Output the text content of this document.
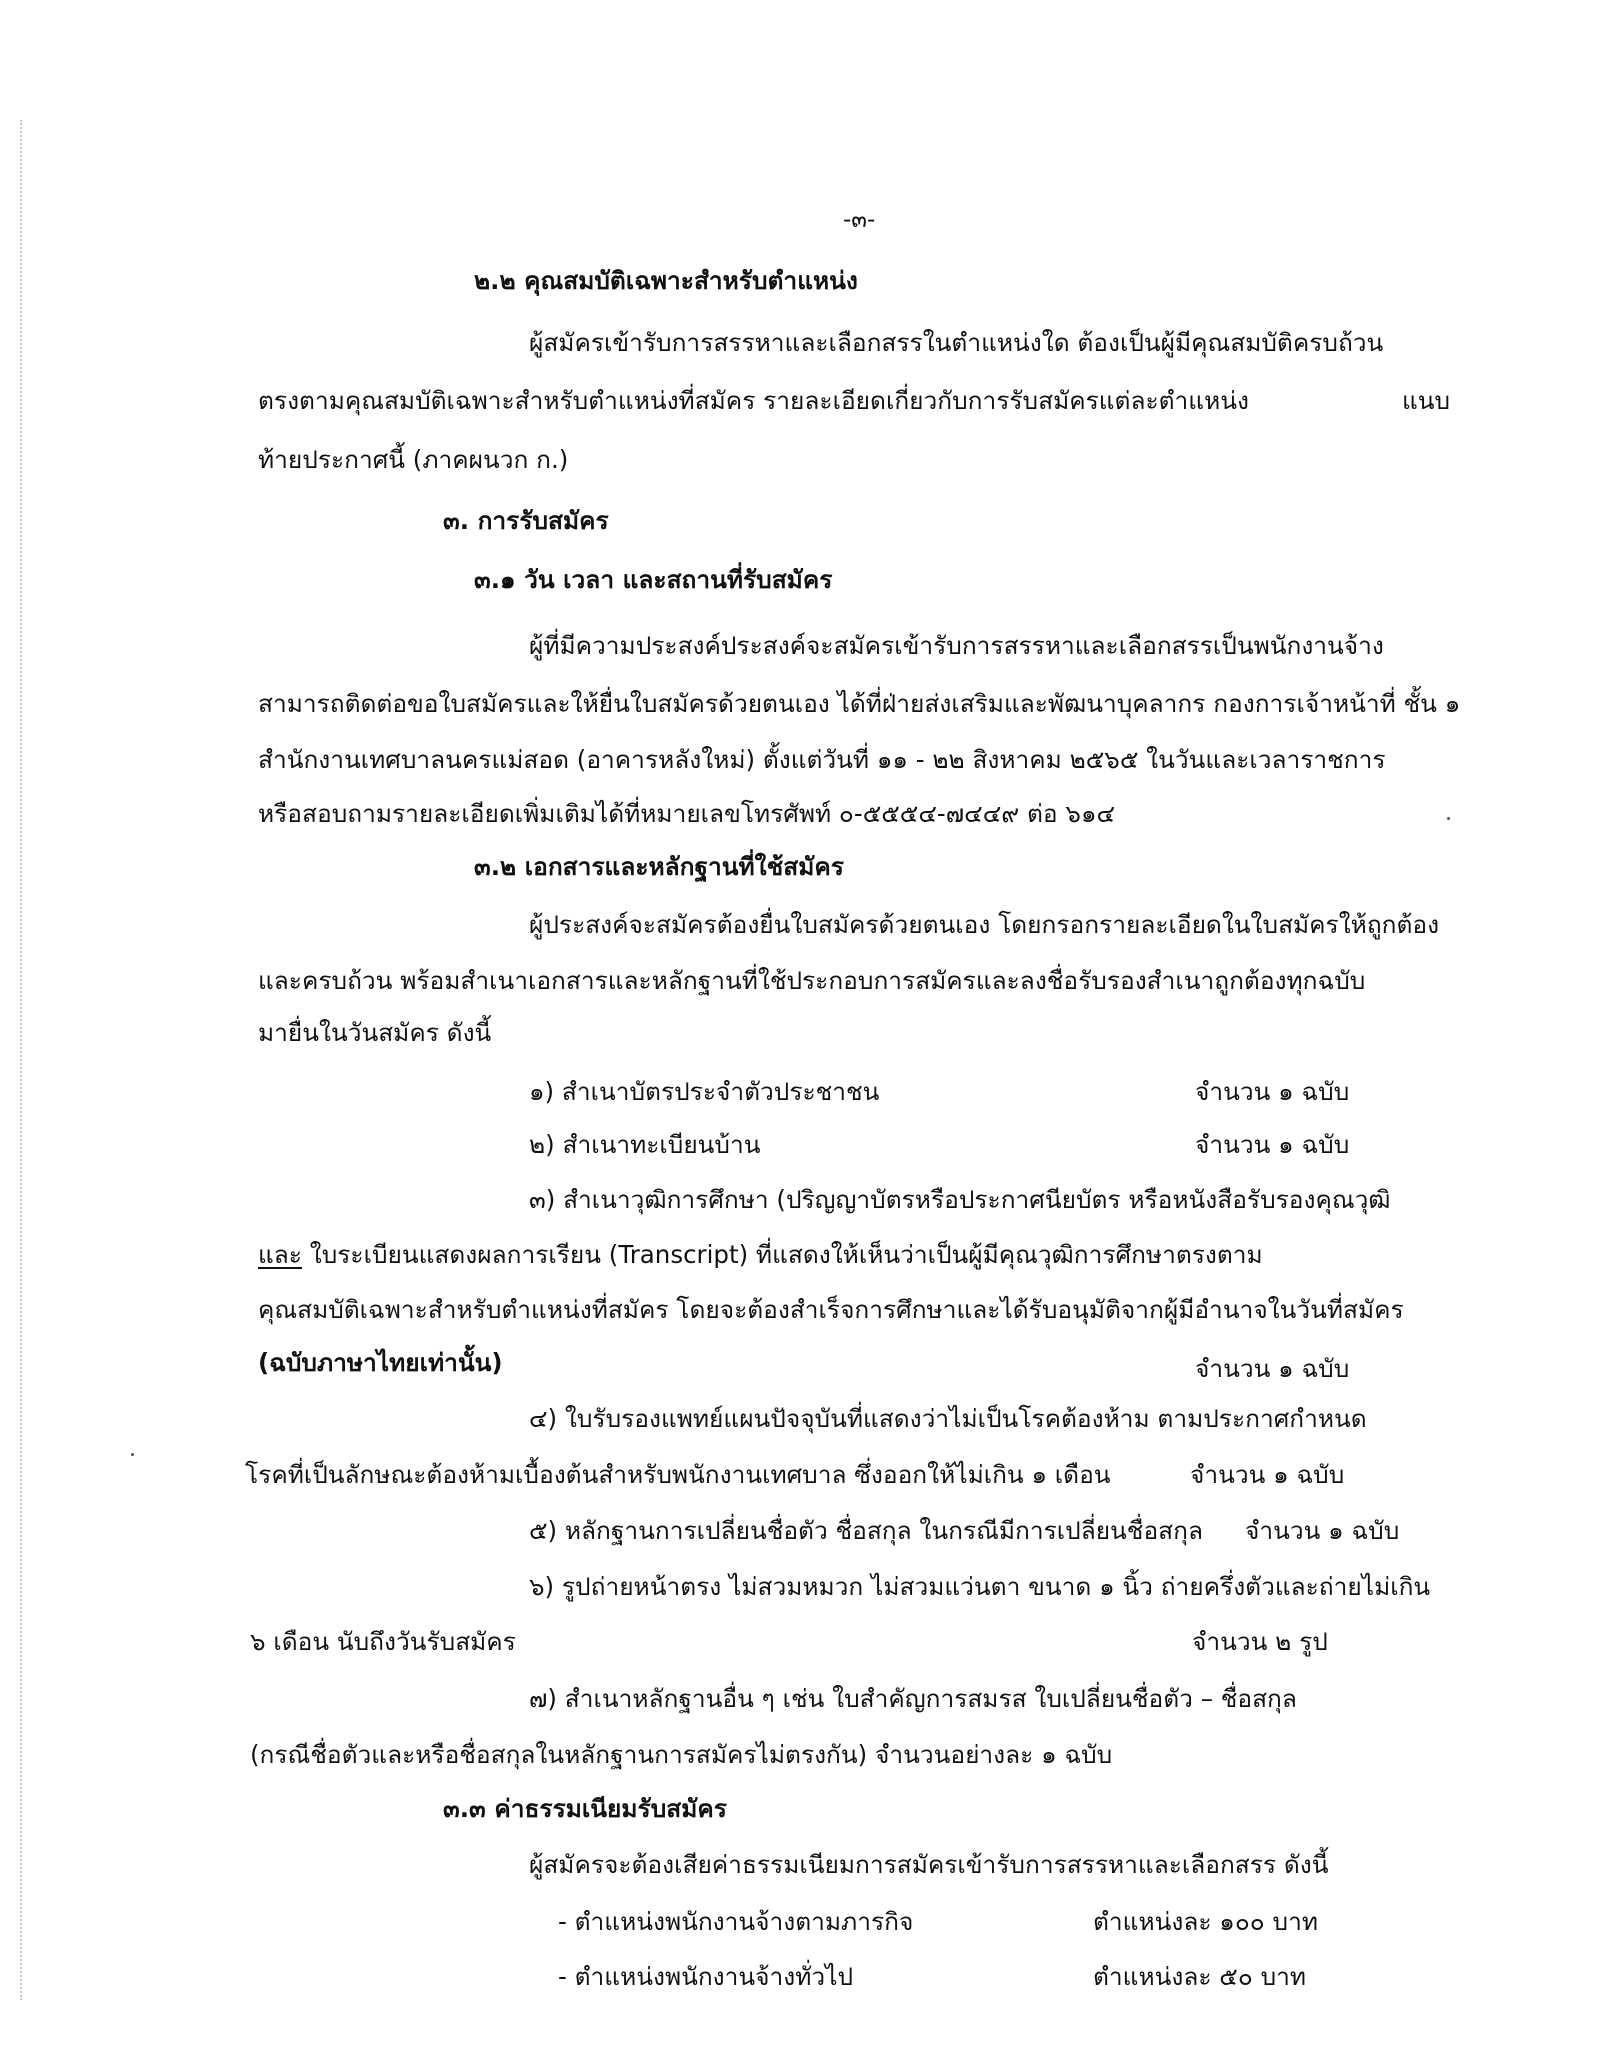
-๓-
๒.๒ คุณสมบัติเฉพาะสำหรับตำแหน่ง
ผู้สมัครเข้ารับการสรรหาและเลือกสรรในตำแหน่งใด ต้องเป็นผู้มีคุณสมบัติครบถ้วน
ตรงตามคุณสมบัติเฉพาะสำหรับตำแหน่งที่สมัคร รายละเอียดเกี่ยวกับการรับสมัครแต่ละตำแหน่ง	แนบ
ท้ายประกาศนี้ (ภาคผนวก ก.)
๓. การรับสมัคร
๓.๑ วัน เวลา และสถานที่รับสมัคร
ผู้ที่มีความประสงค์ประสงค์จะสมัครเข้ารับการสรรหาและเลือกสรรเป็นพนักงานจ้าง
สามารถติดต่อขอใบสมัครและให้ยื่นใบสมัครด้วยตนเอง ได้ที่ฝ่ายส่งเสริมและพัฒนาบุคลากร กองการเจ้าหน้าที่ ชั้น ๑
สำนักงานเทศบาลนครแม่สอด (อาคารหลังใหม่) ตั้งแต่วันที่ ๑๑ - ๒๒ สิงหาคม ๒๕๖๕ ในวันและเวลาราชการ
หรือสอบถามรายละเอียดเพิ่มเติมได้ที่หมายเลขโทรศัพท์ ๐-๕๕๕๔-๗๔๔๙ ต่อ ๖๑๔
๓.๒ เอกสารและหลักฐานที่ใช้สมัคร
ผู้ประสงค์จะสมัครต้องยื่นใบสมัครด้วยตนเอง โดยกรอกรายละเอียดในใบสมัครให้ถูกต้อง
และครบถ้วน พร้อมสำเนาเอกสารและหลักฐานที่ใช้ประกอบการสมัครและลงชื่อรับรองสำเนาถูกต้องทุกฉบับ
มายื่นในวันสมัคร ดังนี้
๑) สำเนาบัตรประจำตัวประชาชน	จำนวน ๑ ฉบับ
๒) สำเนาทะเบียนบ้าน	จำนวน ๑ ฉบับ
๓) สำเนาวุฒิการศึกษา (ปริญญาบัตรหรือประกาศนียบัตร หรือหนังสือรับรองคุณวุฒิ
และ ใบระเบียนแสดงผลการเรียน (Transcript) ที่แสดงให้เห็นว่าเป็นผู้มีคุณวุฒิการศึกษาตรงตาม
คุณสมบัติเฉพาะสำหรับตำแหน่งที่สมัคร โดยจะต้องสำเร็จการศึกษาและได้รับอนุมัติจากผู้มีอำนาจในวันที่สมัคร
(ฉบับภาษาไทยเท่านั้น)	จำนวน ๑ ฉบับ
๔) ใบรับรองแพทย์แผนปัจจุบันที่แสดงว่าไม่เป็นโรคต้องห้าม ตามประกาศกำหนด
โรคที่เป็นลักษณะต้องห้ามเบื้องต้นสำหรับพนักงานเทศบาล ซึ่งออกให้ไม่เกิน ๑ เดือน	จำนวน ๑ ฉบับ
๕) หลักฐานการเปลี่ยนชื่อตัว ชื่อสกุล ในกรณีมีการเปลี่ยนชื่อสกุล จำนวน ๑ ฉบับ
๖) รูปถ่ายหน้าตรง ไม่สวมหมวก ไม่สวมแว่นตา ขนาด ๑ นิ้ว ถ่ายครึ่งตัวและถ่ายไม่เกิน
๖ เดือน นับถึงวันรับสมัคร	จำนวน ๒ รูป
๗) สำเนาหลักฐานอื่น ๆ เช่น ใบสำคัญการสมรส ใบเปลี่ยนชื่อตัว – ชื่อสกุล
(กรณีชื่อตัวและหรือชื่อสกุลในหลักฐานการสมัครไม่ตรงกัน) จำนวนอย่างละ ๑ ฉบับ
๓.๓ ค่าธรรมเนียมรับสมัคร
ผู้สมัครจะต้องเสียค่าธรรมเนียมการสมัครเข้ารับการสรรหาและเลือกสรร ดังนี้
- ตำแหน่งพนักงานจ้างตามภารกิจ	ตำแหน่งละ ๑๐๐ บาท
- ตำแหน่งพนักงานจ้างทั่วไป	ตำแหน่งละ ๕๐ บาท
